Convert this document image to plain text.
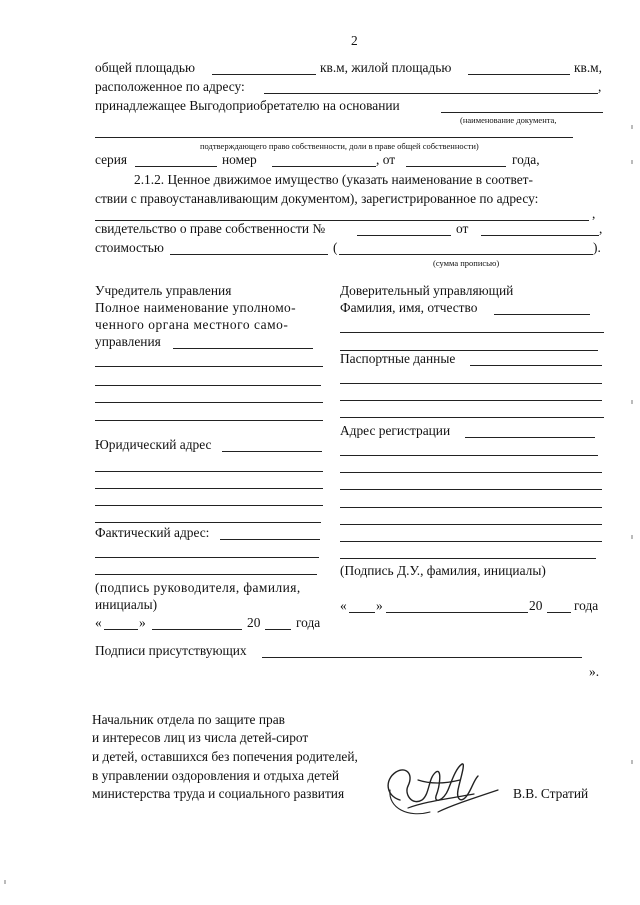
2
общей площадью	кв.м, жилой площадью	кв.м,
расположенное по адресу:	,
принадлежащее Выгодоприобретателю на основании
(наименование документа,
подтверждающего право собственности, доли в праве общей собственности)
серия	номер	, от	года,
2.1.2. Ценное движимое имущество (указать наименование в соответ-
ствии с правоустанавливающим документом), зарегистрированное по адресу:
,
свидетельство о праве собственности №	от	,
стоимостью	(	).
(сумма прописью)
Учредитель управления
Полное наименование уполномо-
ченного органа местного само-
управления
Юридический адрес
Фактический адрес:
(подпись руководителя, фамилия,
инициалы)
«	»	20	года
Доверительный управляющий
Фамилия, имя, отчество
Паспортные данные
Адрес регистрации
(Подпись Д.У., фамилия, инициалы)
« »	20 года
Подписи присутствующих
».
Начальник отдела по защите прав
и интересов лиц из числа детей-сирот
и детей, оставшихся без попечения родителей,
в управлении оздоровления и отдыха детей
министерства труда и социального развития	В.В. Стратий
